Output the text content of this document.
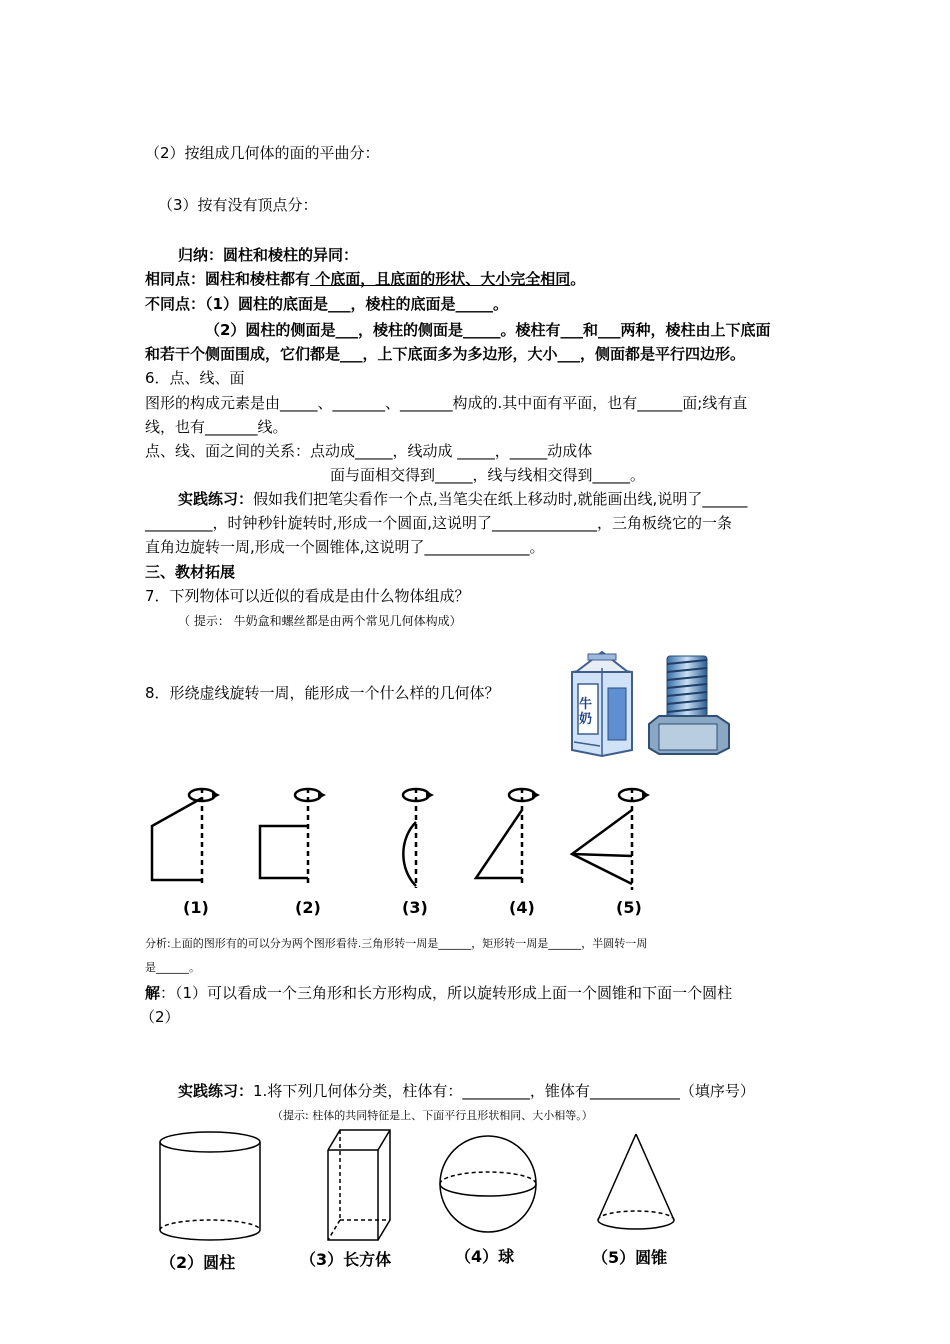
（2）按组成几何体的面的平曲分：
（3）按有没有顶点分：
归纳：圆柱和棱柱的异同：
相同点：圆柱和棱柱都有 个底面，且底面的形状、大小完全相同。
不同点：（1）圆柱的底面是___，棱柱的底面是_____。
（2）圆柱的侧面是___，棱柱的侧面是_____。棱柱有___和___两种，棱柱由上下底面
和若干个侧面围成，它们都是___，上下底面多为多边形，大小___，侧面都是平行四边形。
6．点、线、面
图形的构成元素是由_____、_______、_______构成的.其中面有平面，也有______面;线有直
线，也有_______线。
点、线、面之间的关系：点动成_____，线动成 _____，_____动成体
面与面相交得到_____，线与线相交得到_____。
实践练习：假如我们把笔尖看作一个点,当笔尖在纸上移动时,就能画出线,说明了______
_________，时钟秒针旋转时,形成一个圆面,这说明了______________，三角板绕它的一条
直角边旋转一周,形成一个圆锥体,这说明了______________。
三、教材拓展
7．下列物体可以近似的看成是由什么物体组成？
（ 提示： 牛奶盒和螺丝都是由两个常见几何体构成）
8．形绕虚线旋转一周，能形成一个什么样的几何体？
牛奶
(1)	(2)	(3)	(4)	(5)
分析:上面的图形有的可以分为两个图形看待.三角形转一周是______，矩形转一周是______，半圆转一周
是______。
解：（1）可以看成一个三角形和长方形构成，所以旋转形成上面一个圆锥和下面一个圆柱
（2）
实践练习：1.将下列几何体分类，柱体有：_________，锥体有____________（填序号）
（提示: 柱体的共同特征是上、下面平行且形状相同、大小相等。）
（2）圆柱	（3）长方体	（4）球	（5）圆锥
